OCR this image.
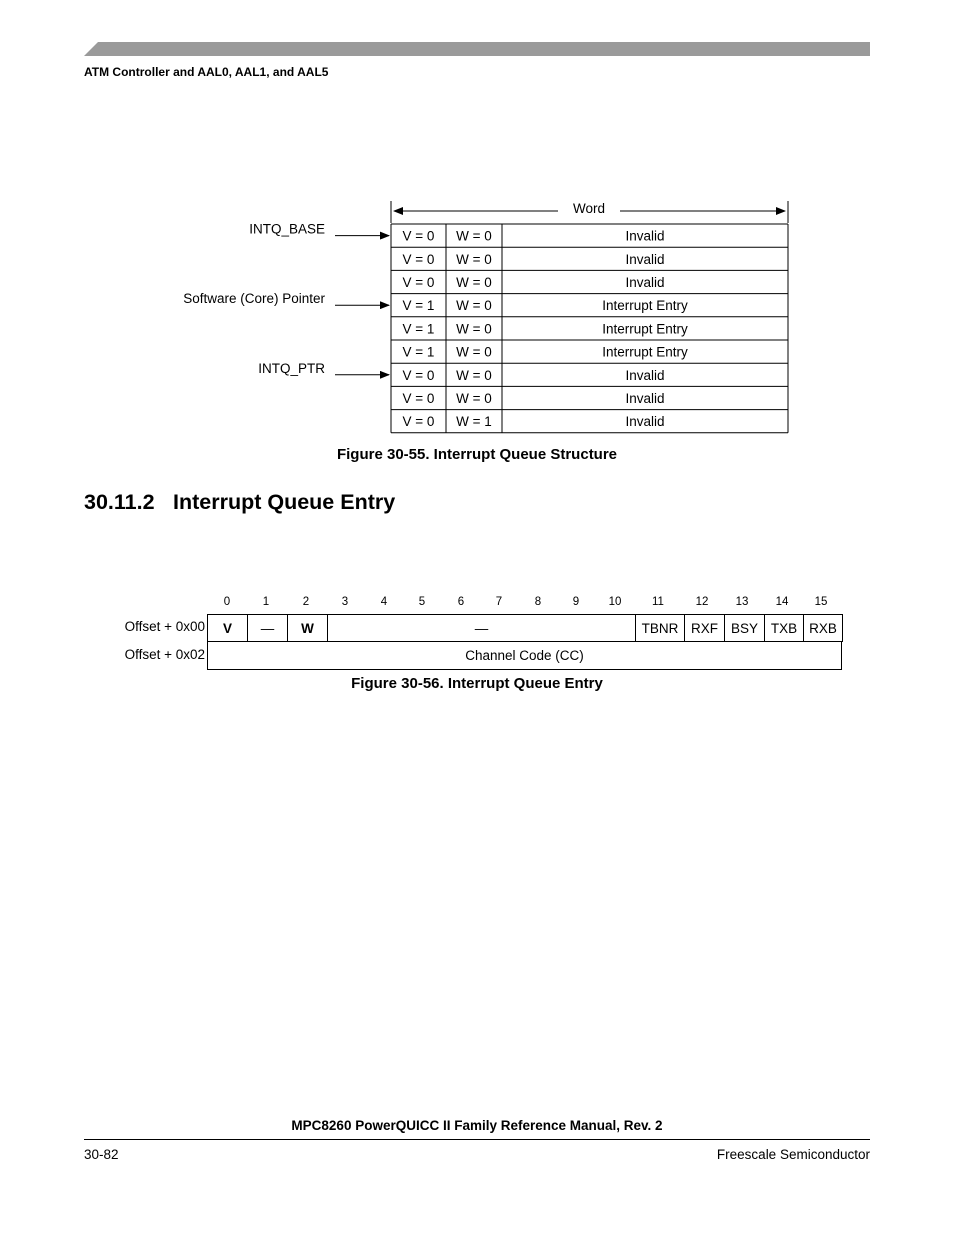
ATM Controller and AAL0, AAL1, and AAL5
Word
V = 0 W = 0	Invalid
V = 0 W = 0	Invalid
V = 0 W = 0	Invalid
V = 1 W = 0	Interrupt Entry
V = 1 W = 0	Interrupt Entry
V = 1 W = 0	Interrupt Entry
V = 0 W = 0	Invalid
V = 0 W = 0	Invalid
V = 0 W = 1	Invalid
INTQ_BASE
Software (Core) Pointer
INTQ_PTR
Figure 30-55. Interrupt Queue Structure
30.11.2 Interrupt Queue Entry
0	1	2	3	4	5	6	7	8	9	10	11	12	13	14	15
Offset + 0x00	V	—	W	—	TBNR RXF BSY TXB RXB
Offset + 0x02	Channel Code (CC)
Figure 30-56. Interrupt Queue Entry
MPC8260 PowerQUICC II Family Reference Manual, Rev. 2
30-82	Freescale Semiconductor
